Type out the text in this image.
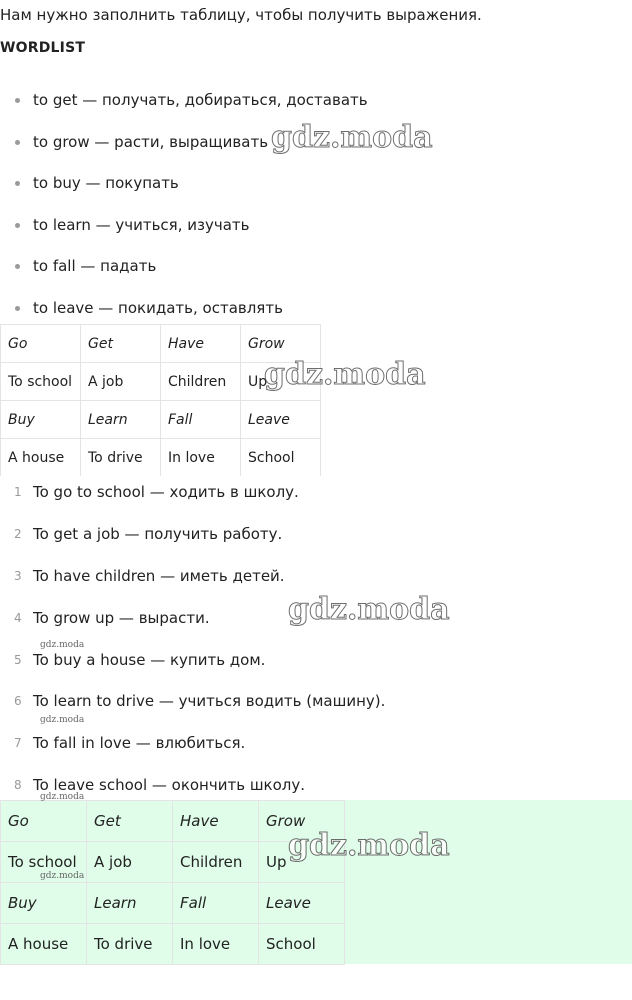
Нам нужно заполнить таблицу, чтобы получить выражения.
WORDLIST
to get — получать, добираться, доставать
to grow — расти, выращивать
to buy — покупать
to learn — учиться, изучать
to fall — падать
to leave — покидать, оставлять
Go	Get	Have	Grow
To school	A job	Children	Up
Buy	Learn	Fall	Leave
A house	To drive	In love	School
1 To go to school — ходить в школу.
2 To get a job — получить работу.
3 To have children — иметь детей.
4 To grow up — вырасти.
5 To buy a house — купить дом.
6 To learn to drive — учиться водить (машину).
7 To fall in love — влюбиться.
8 To leave school — окончить школу.
Go	Get	Have	Grow
To school	A job	Children	Up
Buy	Learn	Fall	Leave
A house	To drive	In love	School
gdz.moda
gdz.moda
gdz.moda
gdz.moda
gdz.moda
gdz.moda
gdz.moda
gdz.moda
